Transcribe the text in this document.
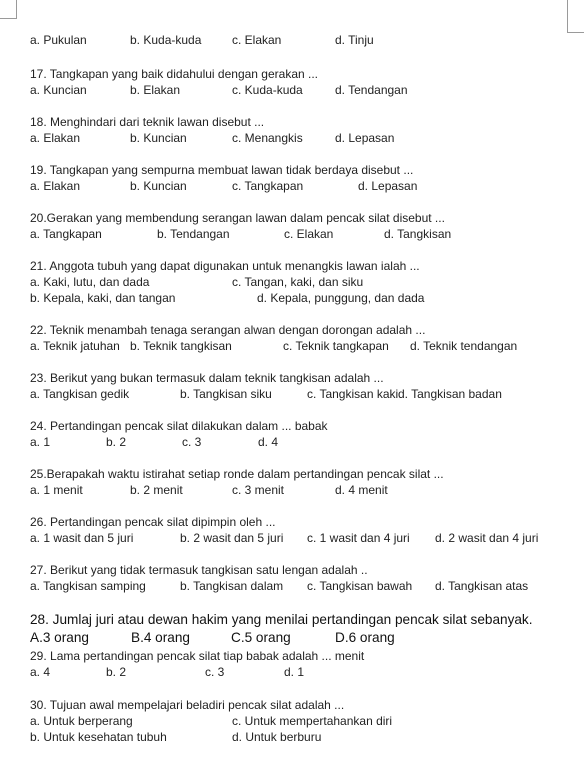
a. Pukulan	b. Kuda-kuda	c. Elakan	d. Tinju
17. Tangkapan yang baik didahului dengan gerakan ...
a. Kuncian	b. Elakan	c. Kuda-kuda	d. Tendangan
18. Menghindari dari teknik lawan disebut ...
a. Elakan	b. Kuncian	c. Menangkis	d. Lepasan
19. Tangkapan yang sempurna membuat lawan tidak berdaya disebut ...
a. Elakan	b. Kuncian	c. Tangkapan	d. Lepasan
20.Gerakan yang membendung serangan lawan dalam pencak silat disebut ...
a. Tangkapan	b. Tendangan	c. Elakan	d. Tangkisan
21. Anggota tubuh yang dapat digunakan untuk menangkis lawan ialah ...
a. Kaki, lutu, dan dada	c. Tangan, kaki, dan siku
b. Kepala, kaki, dan tangan	d. Kepala, punggung, dan dada
22. Teknik menambah tenaga serangan alwan dengan dorongan adalah ...
a. Teknik jatuhan b. Teknik tangkisan	c. Teknik tangkapan d. Teknik tendangan
23. Berikut yang bukan termasuk dalam teknik tangkisan adalah ...
a. Tangkisan gedik	b. Tangkisan siku	c. Tangkisan kaki d. Tangkisan badan
24. Pertandingan pencak silat dilakukan dalam ... babak
a. 1	b. 2	c. 3	d. 4
25.Berapakah waktu istirahat setiap ronde dalam pertandingan pencak silat ...
a. 1 menit	b. 2 menit	c. 3 menit	d. 4 menit
26. Pertandingan pencak silat dipimpin oleh ...
a. 1 wasit dan 5 juri	b. 2 wasit dan 5 juri c. 1 wasit dan 4 juri d. 2 wasit dan 4 juri
27. Berikut yang tidak termasuk tangkisan satu lengan adalah ..
a. Tangkisan samping	b. Tangkisan dalam c. Tangkisan bawah d. Tangkisan atas
28. Jumlaj juri atau dewan hakim yang menilai pertandingan pencak silat sebanyak.
A.3 orang	B.4 orang	C.5 orang	D.6 orang
29. Lama pertandingan pencak silat tiap babak adalah ... menit
a. 4	b. 2	c. 3	d. 1
30. Tujuan awal mempelajari beladiri pencak silat adalah ...
a. Untuk berperang	c. Untuk mempertahankan diri
b. Untuk kesehatan tubuh	d. Untuk berburu
